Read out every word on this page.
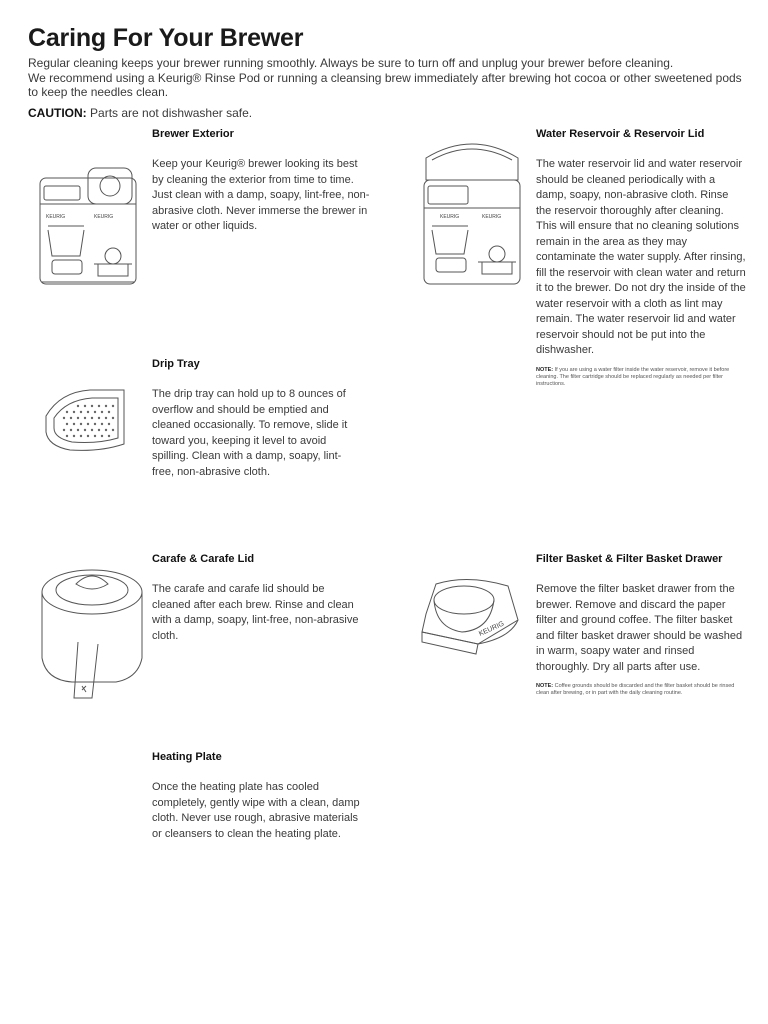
Caring For Your Brewer

Regular cleaning keeps your brewer running smoothly. Always be sure to turn off and unplug your brewer before cleaning.

We recommend using a Keurig® Rinse Pod or running a cleansing brew immediately after brewing hot cocoa or other sweetened pods to keep the needles clean.

CAUTION: Parts are not dishwasher safe.
KEURIG	KEURIG
Brewer Exterior

Keep your Keurig® brewer looking its best by cleaning the exterior from time to time. Just clean with a damp, soapy, lint-free, non-abrasive cloth. Never immerse the brewer in water or other liquids.

KEURIG	KEURIG
Water Reservoir & Reservoir Lid

The water reservoir lid and water reservoir should be cleaned periodically with a damp, soapy, non-abrasive cloth. Rinse the reservoir thoroughly after cleaning. This will ensure that no cleaning solutions remain in the area as they may contaminate the water supply. After rinsing, fill the reservoir with clean water and return it to the brewer. Do not dry the inside of the water reservoir with a cloth as lint may remain. The water reservoir lid and water reservoir should not be put into the dishwasher.

NOTE: If you are using a water filter inside the water reservoir, remove it before cleaning. The filter cartridge should be replaced regularly as needed per filter instructions.

Drip Tray

The drip tray can hold up to 8 ounces of overflow and should be emptied and cleaned occasionally. To remove, slide it toward you, keeping it level to avoid spilling. Clean with a damp, soapy, lint-free, non-abrasive cloth.

Carafe & Carafe Lid

The carafe and carafe lid should be cleaned after each brew. Rinse and clean with a damp, soapy, lint-free, non-abrasive cloth.	KEURIG
Filter Basket & Filter Basket Drawer

Remove the filter basket drawer from the brewer. Remove and discard the paper filter and ground coffee. The filter basket and filter basket drawer should be washed in warm, soapy water and rinsed thoroughly. Dry all parts after use.

NOTE: Coffee grounds should be discarded and the filter basket should be rinsed clean after brewing, or in part with the daily cleaning routine.

Heating Plate

Once the heating plate has cooled completely, gently wipe with a clean, damp cloth. Never use rough, abrasive materials or cleansers to clean the heating plate.
